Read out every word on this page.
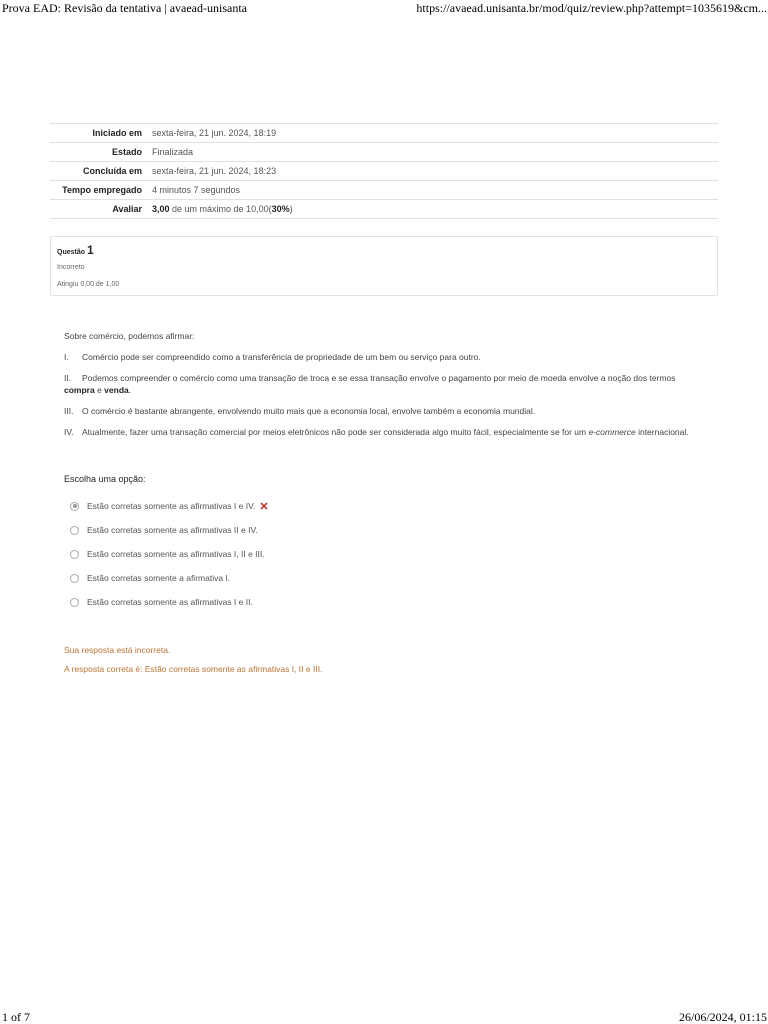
Prova EAD: Revisão da tentativa | avaead-unisanta	https://avaead.unisanta.br/mod/quiz/review.php?attempt=1035619&cm...
Iniciado em	sexta-feira, 21 jun. 2024, 18:19
Estado	Finalizada
Concluída em	sexta-feira, 21 jun. 2024, 18:23
Tempo empregado	4 minutos 7 segundos
Avaliar	3,00 de um máximo de 10,00(30%)
Questão 1
Incorreto
Atingiu 0,00 de 1,00

Sobre comércio, podemos afirmar:

I. Comércio pode ser compreendido como a transferência de propriedade de um bem ou serviço para outro.

II. Podemos compreender o comércio como uma transação de troca e se essa transação envolve o pagamento por meio de moeda envolve a noção dos termos compra e venda.

III. O comércio é bastante abrangente, envolvendo muito mais que a economia local, envolve também a economia mundial.

IV. Atualmente, fazer uma transação comercial por meios eletrônicos não pode ser considerada algo muito fácil, especialmente se for um e-commerce internacional.

Escolha uma opção:
Estão corretas somente as afirmativas I e IV. ✕
Estão corretas somente as afirmativas II e IV.
Estão corretas somente as afirmativas I, II e III.
Estão corretas somente a afirmativa I.
Estão corretas somente as afirmativas I e II.

Sua resposta está incorreta.

A resposta correta é: Estão corretas somente as afirmativas I, II e III.

1 of 7	26/06/2024, 01:15
